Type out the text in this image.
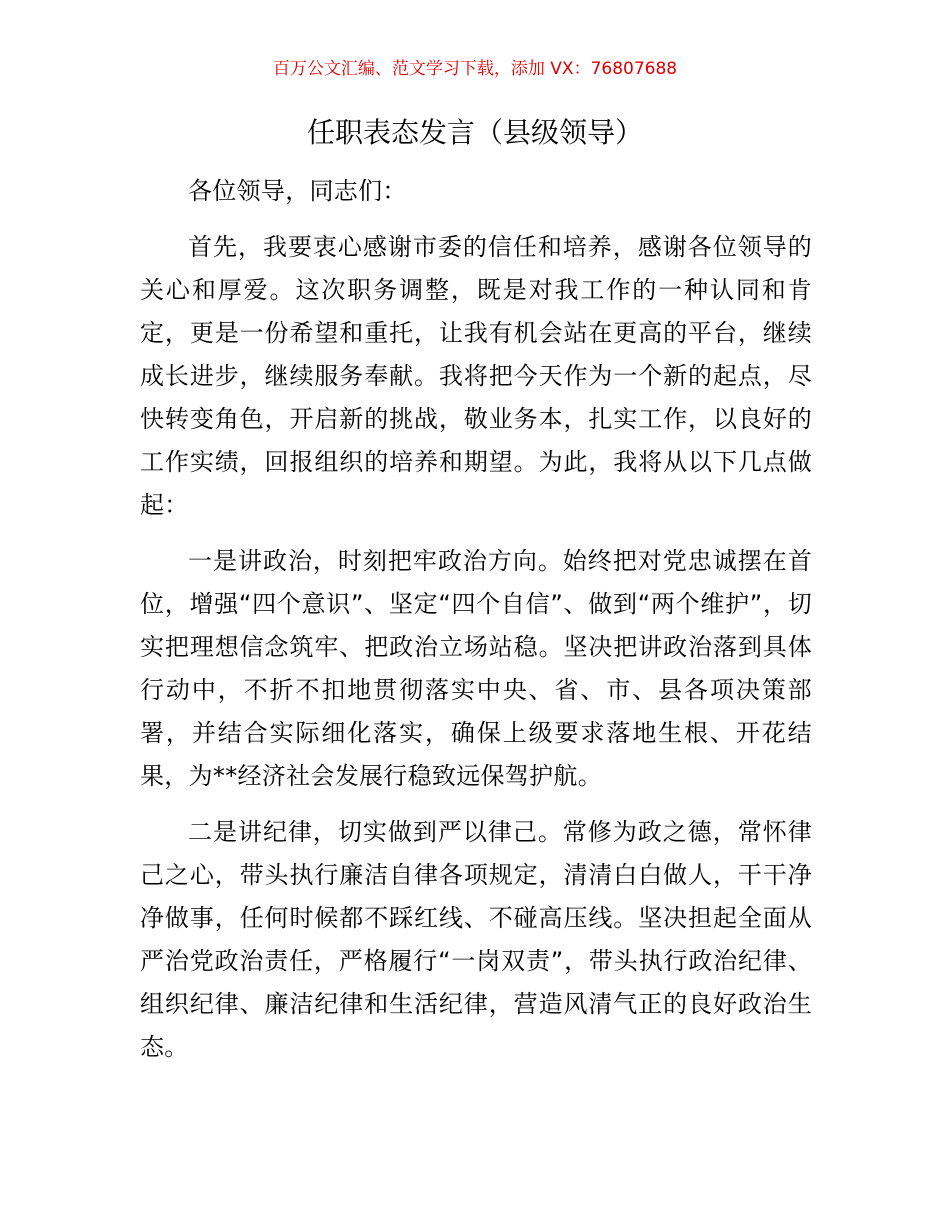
百万公文汇编、范文学习下载，添加 VX：76807688
任职表态发言（县级领导）

各位领导，同志们：

首先，我要衷心感谢市委的信任和培养，感谢各位领导的关心和厚爱。这次职务调整，既是对我工作的一种认同和肯定，更是一份希望和重托，让我有机会站在更高的平台，继续成长进步，继续服务奉献。我将把今天作为一个新的起点，尽快转变角色，开启新的挑战，敬业务本，扎实工作，以良好的工作实绩，回报组织的培养和期望。为此，我将从以下几点做起：

一是讲政治，时刻把牢政治方向。始终把对党忠诚摆在首位，增强“四个意识”、坚定“四个自信”、做到“两个维护”，切实把理想信念筑牢、把政治立场站稳。坚决把讲政治落到具体行动中，不折不扣地贯彻落实中央、省、市、县各项决策部署，并结合实际细化落实，确保上级要求落地生根、开花结果，为**经济社会发展行稳致远保驾护航。

二是讲纪律，切实做到严以律己。常修为政之德，常怀律己之心，带头执行廉洁自律各项规定，清清白白做人，干干净净做事，任何时候都不踩红线、不碰高压线。坚决担起全面从严治党政治责任，严格履行“一岗双责”，带头执行政治纪律、组织纪律、廉洁纪律和生活纪律，营造风清气正的良好政治生态。
